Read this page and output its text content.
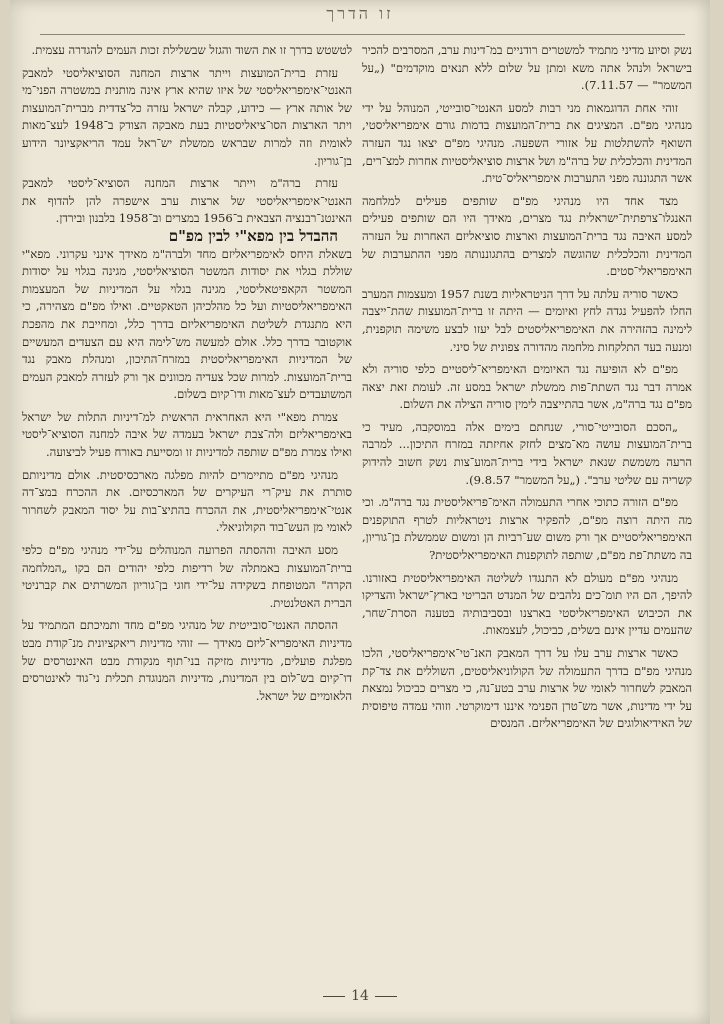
זו הדרך

נשק וסיוע מדיני מתמיד למשטרים רודניים במ־דינות ערב, המסרבים להכיר בישראל ולנהל אתה משא ומתן על שלום ללא תנאים מוקדמים" („על המשמר" — 7.11.57).

זוהי אחת הדוגמאות מני רבות למסע האנטי־סובייטי, המנוהל על ידי מנהיגי מפ"ם. המציגים את ברית־המועצות בדמות גורם אימפריאליסטי, השואף להשתלטות על אזורי השפעה. מנהיגי מפ"ם יצאו נגד העזרה המדינית והכלכלית של ברה"מ ושל ארצות סוציאליסטיות אחרות למצ־רים, אשר התגוננה מפני התערבות אימפריאליס־טית.

מצד אחד היו מנהיגי מפ"ם שותפים פעילים למלחמה האנגלו־צרפתית־ישראלית נגד מצרים, מאידך היו הם שותפים פעילים למסע האיבה נגד ברית־המועצות וארצות סוציאליזם האחרות על העזרה המדינית והכלכלית שהוגשה למצרים בהתגוננותה מפני ההתערבות של האימפריאלי־סטים.

כאשר סוריה עלתה על דרך הניטראליות בשנת 1957 ומעצמות המערב החלו להפעיל נגדה לחץ ואיומים — היתה זו ברית־המועצות שהת־ייצבה לימינה בהזהירה את האימפריאליסטים לבל יעזו לבצע משימה תוקפנית, ומנעה בעד התלקחות מלחמה מהדורה צפונית של סיני.

מפ"ם לא הופיעה נגד האיומים האימפריא־ליסטיים כלפי סוריה ולא אמרה דבר נגד השתת־פות ממשלת ישראל במסע זה. לעומת זאת יצאה מפ"ם נגד ברה"מ, אשר בהתייצבה לימין סוריה הצילה את השלום.

„הסכם הסובייטי־סורי, שנחתם בימים אלה במוסקבה, מעיד כי ברית־המועצות עושה מא־מצים לחזק אחיזתה במזרח התיכון... למרבה הרעה משמשת שנאת ישראל בידי ברית־המוע־צות נשק חשוב להידוק קשריה עם שליטי ערב". („על המשמר" 9.8.57).

מפ"ם הזורה כתוכי אחרי התעמולה האימ־פריאליסטית נגד ברה"מ. וכי מה היתה רוצה מפ"ם, להפקיר ארצות ניטראליות לטרף התוקפנים האימפריאליסטיים אך ורק משום שע־רביות הן ומשום שממשלת בן־גוריון, בה משתת־פת מפ"ם, שותפה לתוקפנות האימפריאליסטית?

מנהיגי מפ"ם מעולם לא התנגדו לשליטה האימפריאליסטית באזורנו. להיפך, הם היו תומ־כים נלהבים של המנדט הבריטי בארץ־ישראל והצדיקו את הכיבוש האימפריאליסטי בארצנו ובסביבותיה בטענה הסרת־שחר, שהעמים עדיין אינם בשלים, כביכול, לעצמאות.

כאשר ארצות ערב עלו על דרך המאבק האנ־טי־אימפריאליסטי, הלכו מנהיגי מפ"ם בדרך התעמולה של הקולוניאליסטים, השוללים את צד־קת המאבק לשחרור לאומי של ארצות ערב בטע־נה, כי מצרים כביכול נמצאת על ידי מדינות, אשר מש־טרן הפנימי איננו דימוקרטי. וזוהי עמדה טיפוסית של האידיאולוגים של האימפריאליזם. המנסים

לטשטש בדרך זו את השוד והגזל שבשלילת זכות העמים להגדרה עצמית.

עזרת ברית־המועצות וייתר ארצות המחנה הסוציאליסטי למאבק האנטי־אימפריאליסטי של איזו שהיא ארץ אינה מותנית במשטרה הפני־מי של אותה ארץ — כידוע, קבלה ישראל עזרה כל־צדדית מברית־המועצות ויתר הארצות הסו־ציאליסטיות בעת מאבקה הצודק ב־1948 לעצ־מאות לאומית וזה למרות שבראש ממשלת יש־ראל עמד הריאקציונר הידוע בן־גוריון.

עזרת ברה"מ וייתר ארצות המחנה הסוציא־ליסטי למאבק האנטי־אימפריאליסטי של ארצות ערב אישפרה להן להדוף את האינטנ־רבנציה הצבאית ב־1956 במצרים וב־1958 בלבנון ובירדן.

ההבדל בין מפא"י לבין מפ"ם

בשאלת היחס לאימפריאליזם מחד ולברה"מ מאידך אינני עקרוני. מפא"י שוללת בגלוי את יסודות המשטר הסוציאליסטי, מגינה בגלוי על יסודות המשטר הקאפיטאליסטי, מגינה בגלוי על המדיניות של המעצמות האימפריאליסטיות ועל כל מהלכיהן הטאקטיים. ואילו מפ"ם מצהירה, כי היא מתנגדת לשליטת האימפריאליזם בדרך כלל, ומחייבת את מהפכת אוקטובר בדרך כלל. אולם למעשה מש־לימה היא עם הצעדים המעשיים של המדיניות האימפריאליסטית במזרח־התיכון, ומנהלת מאבק נגד ברית־המועצות. למרות שכל צעדיה מכוונים אך ורק לעזרה למאבק העמים המשועבדים לעצ־מאות ודו־קיום בשלום.

צמרת מפא"י היא האחראית הראשית למ־דיניות התלות של ישראל באימפריאליזם ולה־צבת ישראל בעמדה של איבה למחנה הסוציא־ליסטי ואילו צמרת מפ"ם שותפה למדיניות זו ומסייעת באורח פעיל לביצועה.

מנהיגי מפ"ם מתיימרים להיות מפלגה מארכסיסטית. אולם מדיניותם סותרת את עיק־רי העיקרים של המארכסיזם. את ההכרח במצ־דה אנטי־אימפריאליסטית, את ההכרח בהתיצ־בות על יסוד המאבק לשחרור לאומי מן העש־בוד הקולוניאלי.

מסע האיבה וההסתה הפרועה המנוהלים על־ידי מנהיגי מפ"ם כלפי ברית־המועצות באמתלה של רדיפות כלפי יהודים הם בקו „המלחמה הקרה" המטופחת בשקידה על־ידי חוגי בן־גוריון המשרתים את קברניטי הברית האטלנטית.

ההסתה האנטי־סובייטית של מנהיגי מפ"ם מחד ותמיכתם המתמיד על מדיניות האימפריא־ליזם מאידך — זוהי מדיניות ריאקציונית מנ־קודת מבט מפלגת פועלים, מדיניות מזיקה בני־תוף מנקודת מבט האינטרסים של דו־קיום בש־לום בין המדינות, מדיניות המנוגדת תכלית ני־גוד לאינטרסים הלאומיים של ישראל.

14
